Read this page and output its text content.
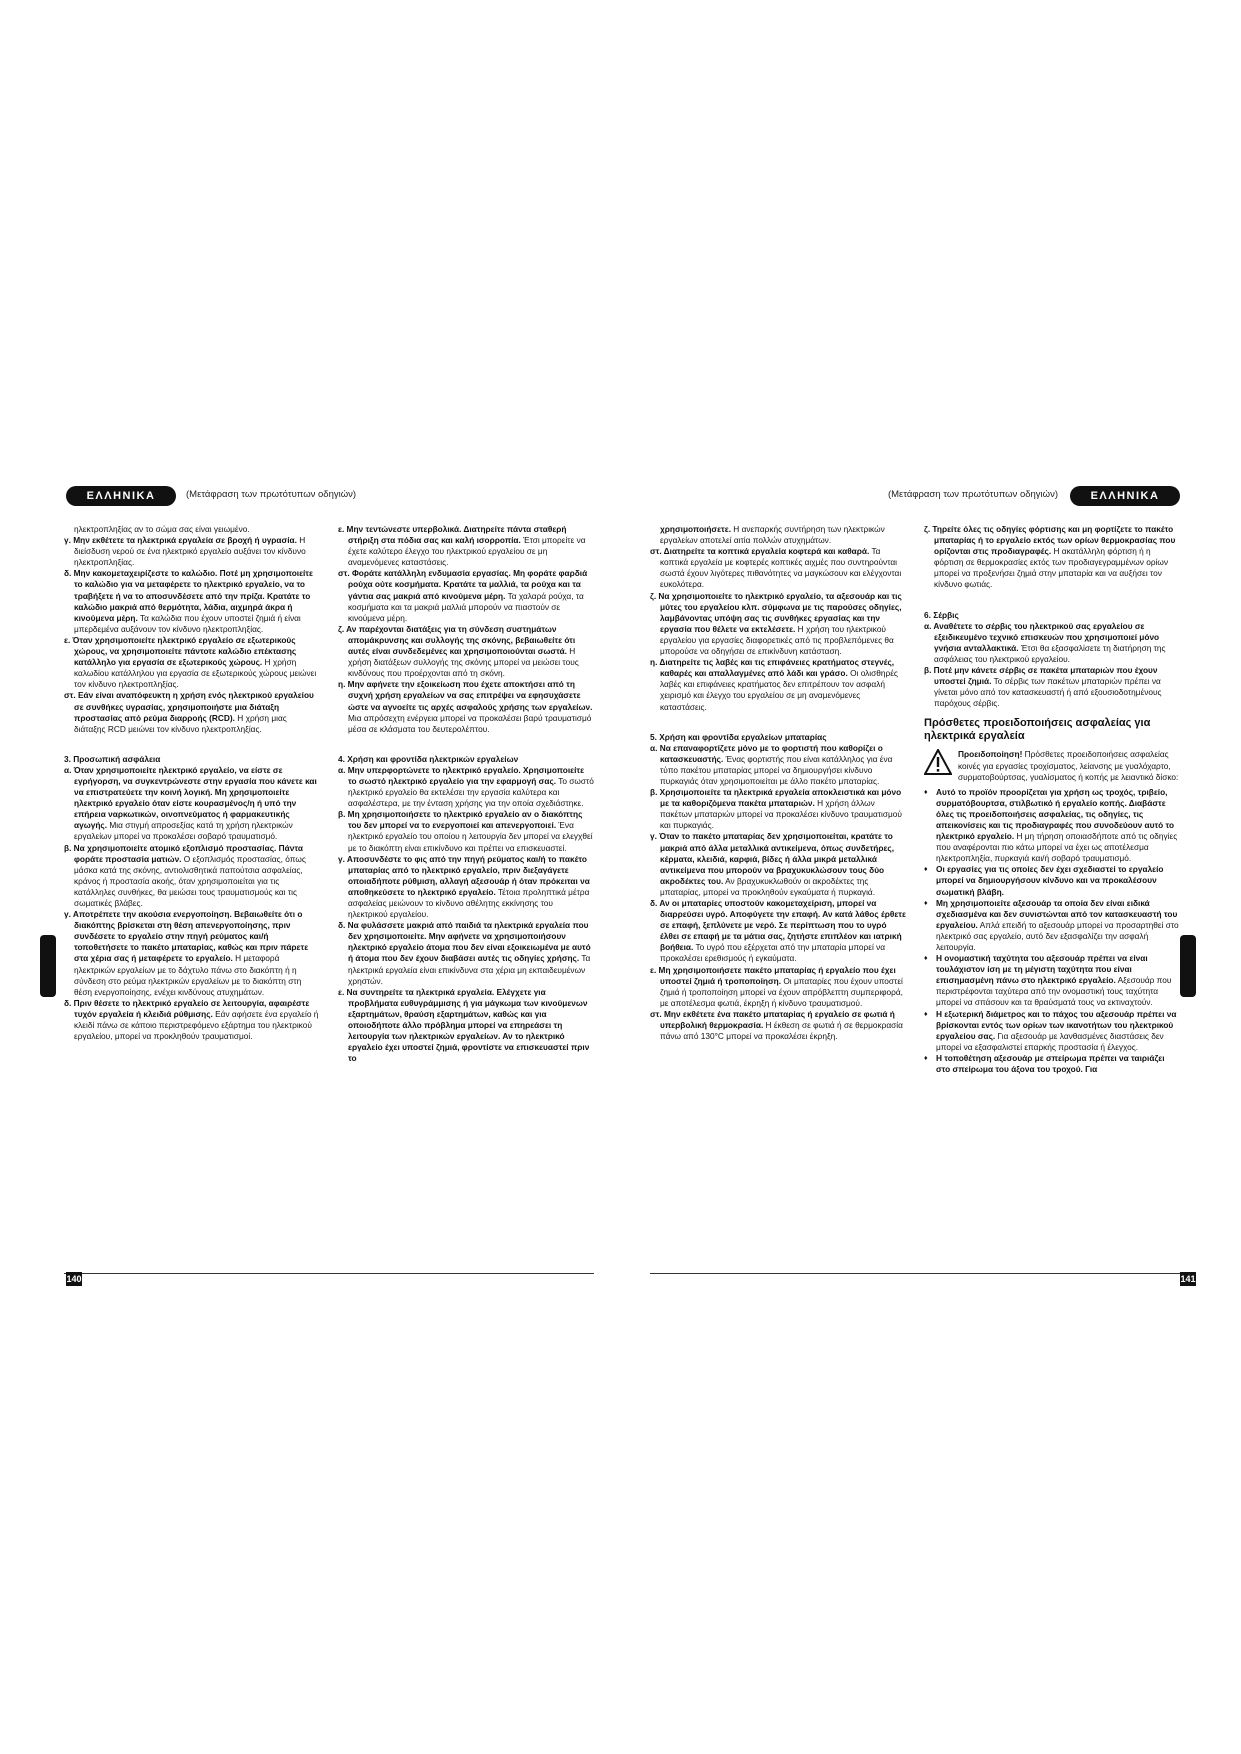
ΕΛΛΗΝΙΚΑ	(Μετάφραση των πρωτότυπων οδηγιών)
ηλεκτροπληξίας αν το σώμα σας είναι γειωμένο.
γ. Μην εκθέτετε τα ηλεκτρικά εργαλεία σε βροχή ή υγρασία. Η διείσδυση νερού σε ένα ηλεκτρικό εργαλείο αυξάνει τον κίνδυνο ηλεκτροπληξίας.
δ. Μην κακομεταχειρίζεστε το καλώδιο. Ποτέ μη χρησιμοποιείτε το καλώδιο για να μεταφέρετε το ηλεκτρικό εργαλείο, να το τραβήξετε ή να το αποσυνδέσετε από την πρίζα. Κρατάτε το καλώδιο μακριά από θερμότητα, λάδια, αιχμηρά άκρα ή κινούμενα μέρη. Τα καλώδια που έχουν υποστεί ζημιά ή είναι μπερδεμένα αυξάνουν τον κίνδυνο ηλεκτροπληξίας.
ε. Όταν χρησιμοποιείτε ηλεκτρικό εργαλείο σε εξωτερικούς χώρους, να χρησιμοποιείτε πάντοτε καλώδιο επέκτασης κατάλληλο για εργασία σε εξωτερικούς χώρους. Η χρήση καλωδίου κατάλληλου για εργασία σε εξωτερικούς χώρους μειώνει τον κίνδυνο ηλεκτροπληξίας.
στ. Εάν είναι αναπόφευκτη η χρήση ενός ηλεκτρικού εργαλείου σε συνθήκες υγρασίας, χρησιμοποιήστε μια διάταξη προστασίας από ρεύμα διαρροής (RCD). Η χρήση μιας διάταξης RCD μειώνει τον κίνδυνο ηλεκτροπληξίας.
3. Προσωπική ασφάλεια
α. Όταν χρησιμοποιείτε ηλεκτρικό εργαλείο, να είστε σε εγρήγορση, να συγκεντρώνεστε στην εργασία που κάνετε και να επιστρατεύετε την κοινή λογική. Μη χρησιμοποιείτε ηλεκτρικό εργαλείο όταν είστε κουρασμένος/η ή υπό την επήρεια ναρκωτικών, οινοπνεύματος ή φαρμακευτικής αγωγής. Μια στιγμή απροσεξίας κατά τη χρήση ηλεκτρικών εργαλείων μπορεί να προκαλέσει σοβαρό τραυματισμό.
β. Να χρησιμοποιείτε ατομικό εξοπλισμό προστασίας. Πάντα φοράτε προστασία ματιών. Ο εξοπλισμός προστασίας, όπως μάσκα κατά της σκόνης, αντιολισθητικά παπούτσια ασφαλείας, κράνος ή προστασία ακοής, όταν χρησιμοποιείται για τις κατάλληλες συνθήκες, θα μειώσει τους τραυματισμούς και τις σωματικές βλάβες.
γ. Αποτρέπετε την ακούσια ενεργοποίηση. Βεβαιωθείτε ότι ο διακόπτης βρίσκεται στη θέση απενεργοποίησης, πριν συνδέσετε το εργαλείο στην πηγή ρεύματος και/ή τοποθετήσετε το πακέτο μπαταρίας, καθώς και πριν πάρετε στα χέρια σας ή μεταφέρετε το εργαλείο. Η μεταφορά ηλεκτρικών εργαλείων με το δάχτυλο πάνω στο διακόπτη ή η σύνδεση στο ρεύμα ηλεκτρικών εργαλείων με το διακόπτη στη θέση ενεργοποίησης, ενέχει κινδύνους ατυχημάτων.
δ. Πριν θέσετε το ηλεκτρικό εργαλείο σε λειτουργία, αφαιρέστε τυχόν εργαλεία ή κλειδιά ρύθμισης. Εάν αφήσετε ένα εργαλείο ή κλειδί πάνω σε κάποιο περιστρεφόμενο εξάρτημα του ηλεκτρικού εργαλείου, μπορεί να προκληθούν τραυματισμοί.
ε. Μην τεντώνεστε υπερβολικά. Διατηρείτε πάντα σταθερή στήριξη στα πόδια σας και καλή ισορροπία. Έτσι μπορείτε να έχετε καλύτερο έλεγχο του ηλεκτρικού εργαλείου σε μη αναμενόμενες καταστάσεις.
στ. Φοράτε κατάλληλη ενδυμασία εργασίας. Μη φοράτε φαρδιά ρούχα ούτε κοσμήματα. Κρατάτε τα μαλλιά, τα ρούχα και τα γάντια σας μακριά από κινούμενα μέρη. Τα χαλαρά ρούχα, τα κοσμήματα και τα μακριά μαλλιά μπορούν να πιαστούν σε κινούμενα μέρη.
ζ. Αν παρέχονται διατάξεις για τη σύνδεση συστημάτων απομάκρυνσης και συλλογής της σκόνης, βεβαιωθείτε ότι αυτές είναι συνδεδεμένες και χρησιμοποιούνται σωστά. Η χρήση διατάξεων συλλογής της σκόνης μπορεί να μειώσει τους κινδύνους που προέρχονται από τη σκόνη.
η. Μην αφήνετε την εξοικείωση που έχετε αποκτήσει από τη συχνή χρήση εργαλείων να σας επιτρέψει να εφησυχάσετε ώστε να αγνοείτε τις αρχές ασφαλούς χρήσης των εργαλείων. Μια απρόσεχτη ενέργεια μπορεί να προκαλέσει βαρύ τραυματισμό μέσα σε κλάσματα του δευτερολέπτου.
4. Χρήση και φροντίδα ηλεκτρικών εργαλείων
α. Μην υπερφορτώνετε το ηλεκτρικό εργαλείο. Χρησιμοποιείτε το σωστό ηλεκτρικό εργαλείο για την εφαρμογή σας. Το σωστό ηλεκτρικό εργαλείο θα εκτελέσει την εργασία καλύτερα και ασφαλέστερα, με την ένταση χρήσης για την οποία σχεδιάστηκε.
β. Μη χρησιμοποιήσετε το ηλεκτρικό εργαλείο αν ο διακόπτης του δεν μπορεί να το ενεργοποιεί και απενεργοποιεί. Ένα ηλεκτρικό εργαλείο του οποίου η λειτουργία δεν μπορεί να ελεγχθεί με το διακόπτη είναι επικίνδυνο και πρέπει να επισκευαστεί.
γ. Αποσυνδέστε το φις από την πηγή ρεύματος και/ή το πακέτο μπαταρίας από το ηλεκτρικό εργαλείο, πριν διεξαγάγετε οποιαδήποτε ρύθμιση, αλλαγή αξεσουάρ ή όταν πρόκειται να αποθηκεύσετε το ηλεκτρικό εργαλείο. Τέτοια προληπτικά μέτρα ασφαλείας μειώνουν το κίνδυνο αθέλητης εκκίνησης του ηλεκτρικού εργαλείου.
δ. Να φυλάσσετε μακριά από παιδιά τα ηλεκτρικά εργαλεία που δεν χρησιμοποιείτε. Μην αφήνετε να χρησιμοποιήσουν ηλεκτρικό εργαλείο άτομα που δεν είναι εξοικειωμένα με αυτό ή άτομα που δεν έχουν διαβάσει αυτές τις οδηγίες χρήσης. Τα ηλεκτρικά εργαλεία είναι επικίνδυνα στα χέρια μη εκπαιδευμένων χρηστών.
ε. Να συντηρείτε τα ηλεκτρικά εργαλεία. Ελέγχετε για προβλήματα ευθυγράμμισης ή για μάγκωμα των κινούμενων εξαρτημάτων, θραύση εξαρτημάτων, καθώς και για οποιοδήποτε άλλο πρόβλημα μπορεί να επηρεάσει τη λειτουργία των ηλεκτρικών εργαλείων. Αν το ηλεκτρικό εργαλείο έχει υποστεί ζημιά, φροντίστε να επισκευαστεί πριν το
140
(Μετάφραση των πρωτότυπων οδηγιών)	ΕΛΛΗΝΙΚΑ
χρησιμοποιήσετε. Η ανεπαρκής συντήρηση των ηλεκτρικών εργαλείων αποτελεί αιτία πολλών ατυχημάτων.
στ. Διατηρείτε τα κοπτικά εργαλεία κοφτερά και καθαρά. Τα κοπτικά εργαλεία με κοφτερές κοπτικές αιχμές που συντηρούνται σωστά έχουν λιγότερες πιθανότητες να μαγκώσουν και ελέγχονται ευκολότερα.
ζ. Να χρησιμοποιείτε το ηλεκτρικό εργαλείο, τα αξεσουάρ και τις μύτες του εργαλείου κλπ. σύμφωνα με τις παρούσες οδηγίες, λαμβάνοντας υπόψη σας τις συνθήκες εργασίας και την εργασία που θέλετε να εκτελέσετε. Η χρήση του ηλεκτρικού εργαλείου για εργασίες διαφορετικές από τις προβλεπόμενες θα μπορούσε να οδηγήσει σε επικίνδυνη κατάσταση.
η. Διατηρείτε τις λαβές και τις επιφάνειες κρατήματος στεγνές, καθαρές και απαλλαγμένες από λάδι και γράσο. Οι ολισθηρές λαβές και επιφάνειες κρατήματος δεν επιτρέπουν τον ασφαλή χειρισμό και έλεγχο του εργαλείου σε μη αναμενόμενες καταστάσεις.
5. Χρήση και φροντίδα εργαλείων μπαταρίας
α. Να επαναφορτίζετε μόνο με το φορτιστή που καθορίζει ο κατασκευαστής. Ένας φορτιστής που είναι κατάλληλος για ένα τύπο πακέτου μπαταρίας μπορεί να δημιουργήσει κίνδυνο πυρκαγιάς όταν χρησιμοποιείται με άλλο πακέτο μπαταρίας.
β. Χρησιμοποιείτε τα ηλεκτρικά εργαλεία αποκλειστικά και μόνο με τα καθοριζόμενα πακέτα μπαταριών. Η χρήση άλλων πακέτων μπαταριών μπορεί να προκαλέσει κίνδυνο τραυματισμού και πυρκαγιάς.
γ. Όταν το πακέτο μπαταρίας δεν χρησιμοποιείται, κρατάτε το μακριά από άλλα μεταλλικά αντικείμενα, όπως συνδετήρες, κέρματα, κλειδιά, καρφιά, βίδες ή άλλα μικρά μεταλλικά αντικείμενα που μπορούν να βραχυκυκλώσουν τους δύο ακροδέκτες του. Αν βραχυκυκλωθούν οι ακροδέκτες της μπαταρίας, μπορεί να προκληθούν εγκαύματα ή πυρκαγιά.
δ. Αν οι μπαταρίες υποστούν κακομεταχείριση, μπορεί να διαρρεύσει υγρό. Αποφύγετε την επαφή. Αν κατά λάθος έρθετε σε επαφή, ξεπλύνετε με νερό. Σε περίπτωση που το υγρό έλθει σε επαφή με τα μάτια σας, ζητήστε επιπλέον και ιατρική βοήθεια. Το υγρό που εξέρχεται από την μπαταρία μπορεί να προκαλέσει ερεθισμούς ή εγκαύματα.
ε. Μη χρησιμοποιήσετε πακέτο μπαταρίας ή εργαλείο που έχει υποστεί ζημιά ή τροποποίηση. Οι μπαταρίες που έχουν υποστεί ζημιά ή τροποποίηση μπορεί να έχουν απρόβλεπτη συμπεριφορά, με αποτέλεσμα φωτιά, έκρηξη ή κίνδυνο τραυματισμού.
στ. Μην εκθέτετε ένα πακέτο μπαταρίας ή εργαλείο σε φωτιά ή υπερβολική θερμοκρασία. Η έκθεση σε φωτιά ή σε θερμοκρασία πάνω από 130°C μπορεί να προκαλέσει έκρηξη.
ζ. Τηρείτε όλες τις οδηγίες φόρτισης και μη φορτίζετε το πακέτο μπαταρίας ή το εργαλείο εκτός των ορίων θερμοκρασίας που ορίζονται στις προδιαγραφές. Η ακατάλληλη φόρτιση ή η φόρτιση σε θερμοκρασίες εκτός των προδιαγεγραμμένων ορίων μπορεί να προξενήσει ζημιά στην μπαταρία και να αυξήσει τον κίνδυνο φωτιάς.
6. Σέρβις
α. Αναθέτετε το σέρβις του ηλεκτρικού σας εργαλείου σε εξειδικευμένο τεχνικό επισκευών που χρησιμοποιεί μόνο γνήσια ανταλλακτικά. Έτσι θα εξασφαλίσετε τη διατήρηση της ασφάλειας του ηλεκτρικού εργαλείου.
β. Ποτέ μην κάνετε σέρβις σε πακέτα μπαταριών που έχουν υποστεί ζημιά. Το σέρβις των πακέτων μπαταριών πρέπει να γίνεται μόνο από τον κατασκευαστή ή από εξουσιοδοτημένους παρόχους σέρβις.
Πρόσθετες προειδοποιήσεις ασφαλείας για ηλεκτρικά εργαλεία
Προειδοποίηση! Πρόσθετες προειδοποιήσεις ασφαλείας κοινές για εργασίες τροχίσματος, λείανσης με γυαλόχαρτο, συρματοβούρτσας, γυαλίσματος ή κοπής με λειαντικό δίσκο:
♦ Αυτό το προϊόν προορίζεται για χρήση ως τροχός, τριβείο, συρματόβουρτσα, στιλβωτικό ή εργαλείο κοπής. Διαβάστε όλες τις προειδοποιήσεις ασφαλείας, τις οδηγίες, τις απεικονίσεις και τις προδιαγραφές που συνοδεύουν αυτό το ηλεκτρικό εργαλείο. Η μη τήρηση οποιασδήποτε από τις οδηγίες που αναφέρονται πιο κάτω μπορεί να έχει ως αποτέλεσμα ηλεκτροπληξία, πυρκαγιά και/ή σοβαρό τραυματισμό.
♦ Οι εργασίες για τις οποίες δεν έχει σχεδιαστεί το εργαλείο μπορεί να δημιουργήσουν κίνδυνο και να προκαλέσουν σωματική βλάβη.
♦ Μη χρησιμοποιείτε αξεσουάρ τα οποία δεν είναι ειδικά σχεδιασμένα και δεν συνιστώνται από τον κατασκευαστή του εργαλείου. Απλά επειδή το αξεσουάρ μπορεί να προσαρτηθεί στο ηλεκτρικό σας εργαλείο, αυτό δεν εξασφαλίζει την ασφαλή λειτουργία.
♦ Η ονομαστική ταχύτητα του αξεσουάρ πρέπει να είναι τουλάχιστον ίση με τη μέγιστη ταχύτητα που είναι επισημασμένη πάνω στο ηλεκτρικό εργαλείο. Αξεσουάρ που περιστρέφονται ταχύτερα από την ονομαστική τους ταχύτητα μπορεί να σπάσουν και τα θραύσματά τους να εκτιναχτούν.
♦ Η εξωτερική διάμετρος και το πάχος του αξεσουάρ πρέπει να βρίσκονται εντός των ορίων των ικανοτήτων του ηλεκτρικού εργαλείου σας. Για αξεσουάρ με λανθασμένες διαστάσεις δεν μπορεί να εξασφαλιστεί επαρκής προστασία ή έλεγχος.
♦ Η τοποθέτηση αξεσουάρ με σπείρωμα πρέπει να ταιριάζει στο σπείρωμα του άξονα του τροχού. Για
141
